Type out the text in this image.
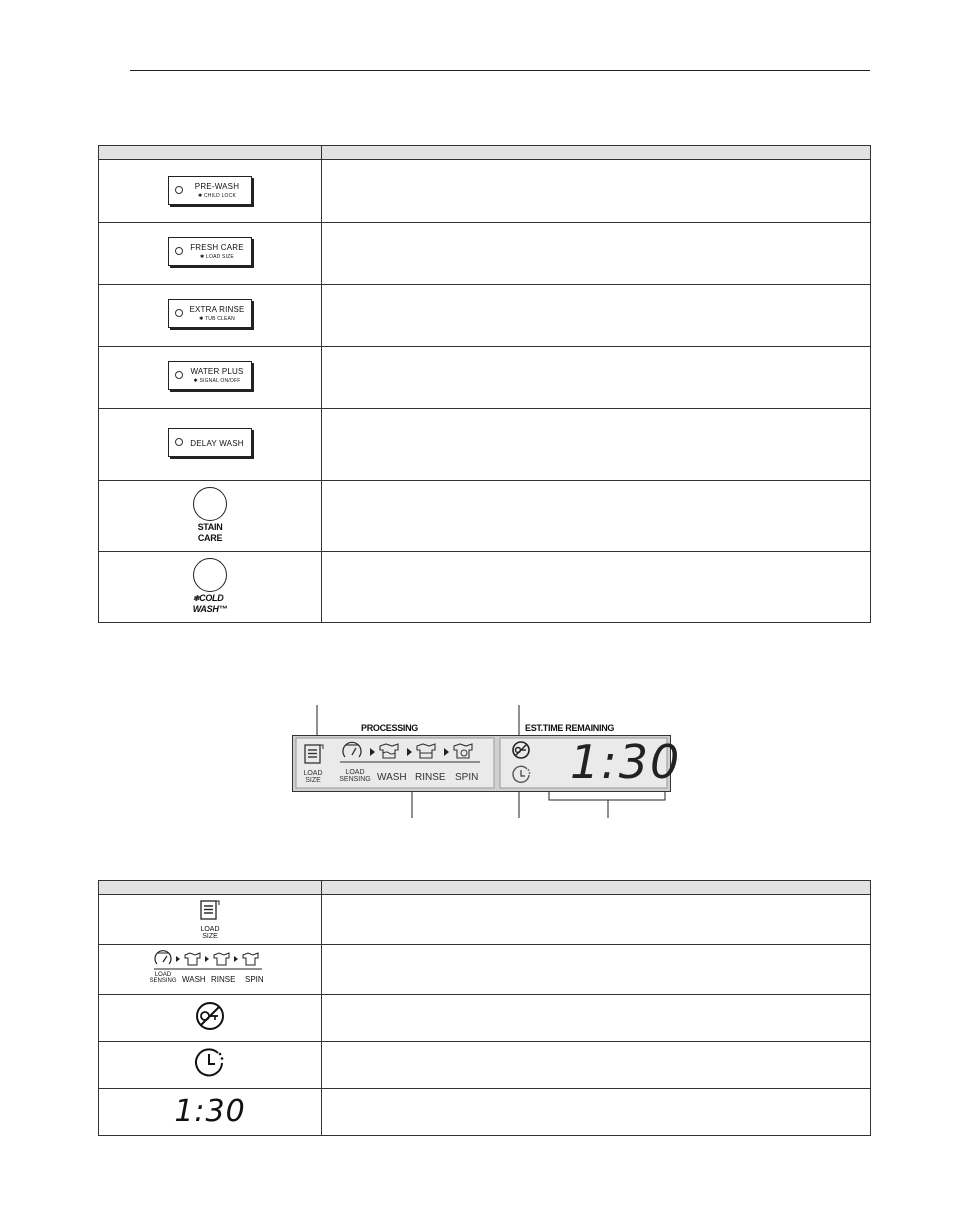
PRE-WASH
✱ CHILD LOCK	

FRESH CARE
✱ LOAD SIZE	

EXTRA RINSE
✱ TUB CLEAN	

WATER PLUS
✱ SIGNAL ON/OFF	

DELAY WASH	

STAIN
CARE	

❄COLD
WASH™	

PROCESSING	EST.TIME REMAINING
LOAD
SIZE
LOAD
SENSING WASH RINSE SPIN 1:30

LOAD
SIZE	

LOAD
SENSING WASH RINSE SPIN	

1:30	
